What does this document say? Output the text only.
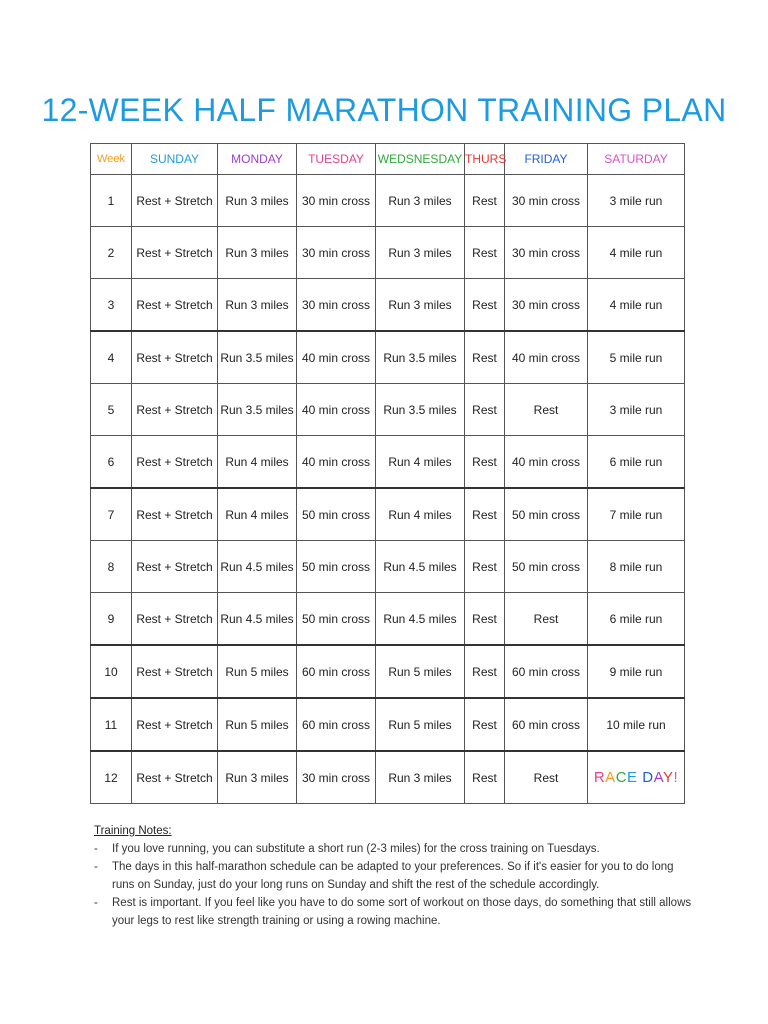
12-WEEK HALF MARATHON TRAINING PLAN
Week	SUNDAY	MONDAY	TUESDAY	WEDSNESDAY	THURS	FRIDAY	SATURDAY
1	Rest + Stretch	Run 3 miles	30 min cross	Run 3 miles	Rest	30 min cross	3 mile run
2	Rest + Stretch	Run 3 miles	30 min cross	Run 3 miles	Rest	30 min cross	4 mile run
3	Rest + Stretch	Run 3 miles	30 min cross	Run 3 miles	Rest	30 min cross	4 mile run
4	Rest + Stretch	Run 3.5 miles	40 min cross	Run 3.5 miles	Rest	40 min cross	5 mile run
5	Rest + Stretch	Run 3.5 miles	40 min cross	Run 3.5 miles	Rest	Rest	3 mile run
6	Rest + Stretch	Run 4 miles	40 min cross	Run 4 miles	Rest	40 min cross	6 mile run
7	Rest + Stretch	Run 4 miles	50 min cross	Run 4 miles	Rest	50 min cross	7 mile run
8	Rest + Stretch	Run 4.5 miles	50 min cross	Run 4.5 miles	Rest	50 min cross	8 mile run
9	Rest + Stretch	Run 4.5 miles	50 min cross	Run 4.5 miles	Rest	Rest	6 mile run
10	Rest + Stretch	Run 5 miles	60 min cross	Run 5 miles	Rest	60 min cross	9 mile run
11	Rest + Stretch	Run 5 miles	60 min cross	Run 5 miles	Rest	60 min cross	10 mile run
12	Rest + Stretch	Run 3 miles	30 min cross	Run 3 miles	Rest	Rest	RACE DAY!
Training Notes:
- If you love running, you can substitute a short run (2-3 miles) for the cross training on Tuesdays.
- The days in this half-marathon schedule can be adapted to your preferences. So if it's easier for you to do long runs on Sunday, just do your long runs on Sunday and shift the rest of the schedule accordingly.
- Rest is important. If you feel like you have to do some sort of workout on those days, do something that still allows your legs to rest like strength training or using a rowing machine.
